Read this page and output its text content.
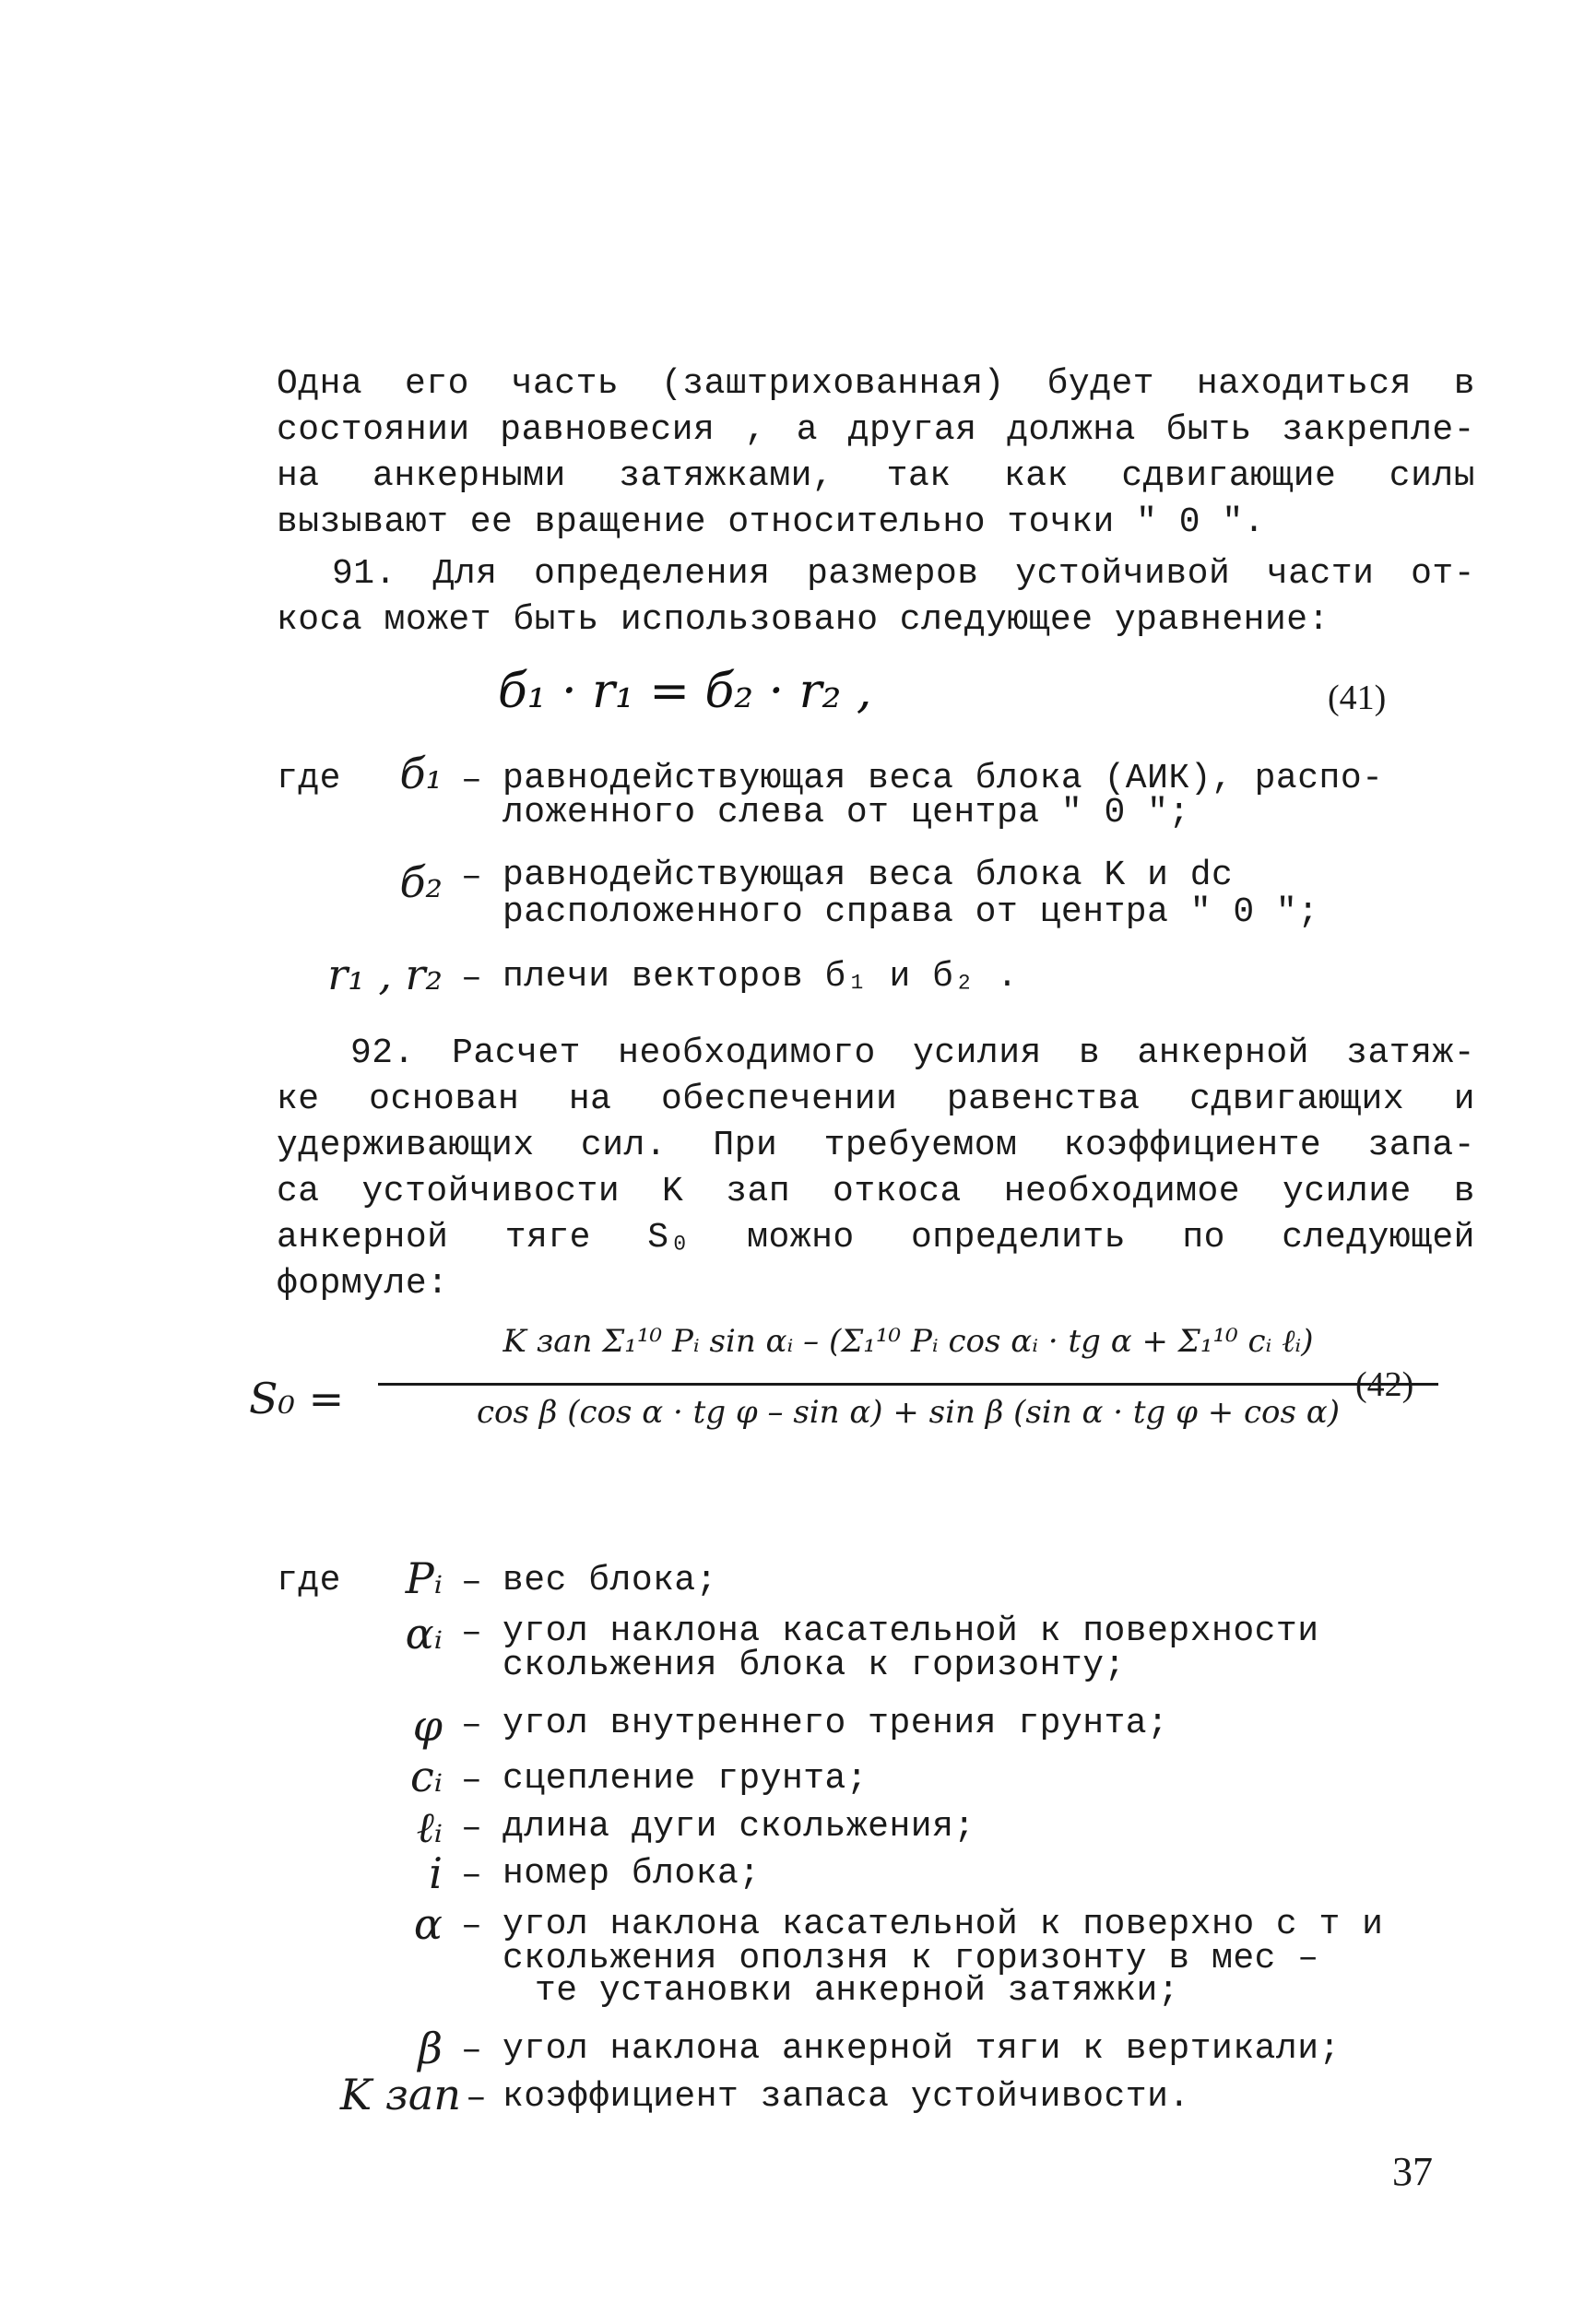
Одна его часть (заштрихованная) будет находиться в
состоянии равновесия , а другая должна быть закрепле-
на анкерными затяжками, так как сдвигающие силы
вызывают ее вращение относительно точки " 0 ".
91. Для определения размеров устойчивой части от-
коса может быть использовано следующее уравнение:
б₁ · r₁ = б₂ · r₂ ,	(41)
где	б₁ – равнодействующая веса блока (АИК), распо-
ложенного слева от центра " 0 ";
б₂ – равнодействующая веса блока K и dc
расположенного справа от центра " 0 ";
r₁ , r₂ – плечи векторов б₁ и б₂ .
92. Расчет необходимого усилия в анкерной затяж-
ке основан на обеспечении равенства сдвигающих и
удерживающих сил. При требуемом коэффициенте запа-
са устойчивости K зап откоса необходимое усилие в
анкерной тяге S₀ можно определить по следующей
формуле:
S₀ =
K зап Σ₁¹⁰ Pᵢ sin αᵢ – (Σ₁¹⁰ Pᵢ cos αᵢ · tg α + Σ₁¹⁰ cᵢ ℓᵢ)
cos β (cos α · tg φ – sin α) + sin β (sin α · tg φ + cos α)
(42)
где	Pᵢ – вес блока;
αᵢ – угол наклона касательной к поверхности
скольжения блока к горизонту;
φ – угол внутреннего трения грунта;
cᵢ – сцепление грунта;
ℓᵢ – длина дуги скольжения;
i – номер блока;
α – угол наклона касательной к поверхно с т и
скольжения оползня к горизонту в мес –
те установки анкерной затяжки;
β – угол наклона анкерной тяги к вертикали;
K зап – коэффициент запаса устойчивости.
37
